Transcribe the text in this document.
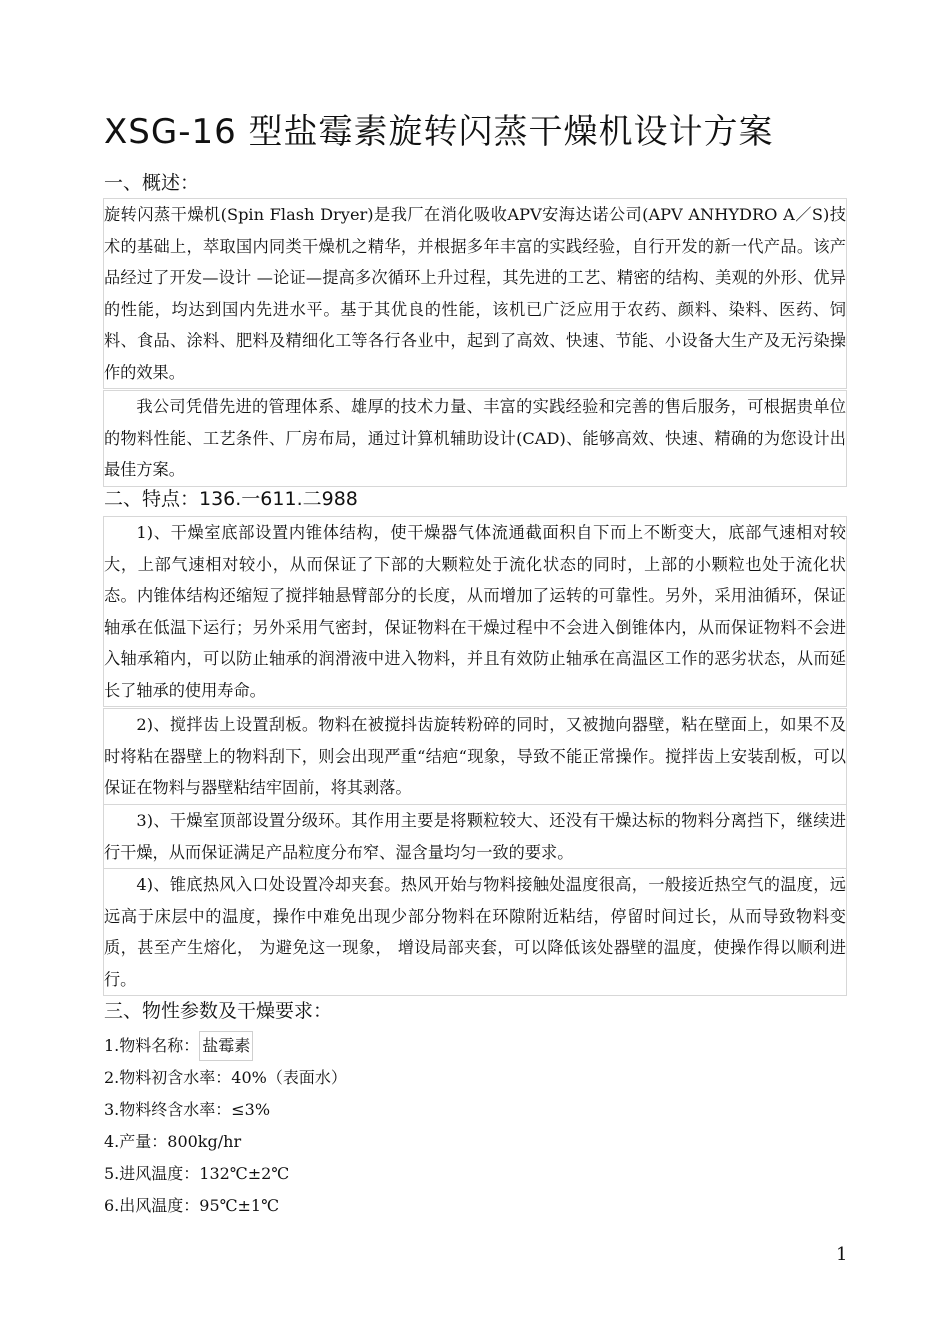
XSG-16 型盐霉素旋转闪蒸干燥机设计方案
一、概述：

旋转闪蒸干燥机(Spin Flash Dryer)是我厂在消化吸收APV安海达诺公司(APV ANHYDRO A／S)技术的基础上，萃取国内同类干燥机之精华，并根据多年丰富的实践经验，自行开发的新一代产品。该产品经过了开发—设计 —论证—提高多次循环上升过程，其先进的工艺、精密的结构、美观的外形、优异的性能，均达到国内先进水平。基于其优良的性能，该机已广泛应用于农药、颜料、染料、医药、饲料、食品、涂料、肥料及精细化工等各行各业中，起到了高效、快速、节能、小设备大生产及无污染操作的效果。

我公司凭借先进的管理体系、雄厚的技术力量、丰富的实践经验和完善的售后服务，可根据贵单位的物料性能、工艺条件、厂房布局，通过计算机辅助设计(CAD)、能够高效、快速、精确的为您设计出最佳方案。

二、特点：136.一611.二988

1)、干燥室底部设置内锥体结构，使干燥器气体流通截面积自下而上不断变大，底部气速相对较大，上部气速相对较小，从而保证了下部的大颗粒处于流化状态的同时，上部的小颗粒也处于流化状态。内锥体结构还缩短了搅拌轴悬臂部分的长度，从而增加了运转的可靠性。另外，采用油循环，保证轴承在低温下运行；另外采用气密封，保证物料在干燥过程中不会进入倒锥体内，从而保证物料不会进入轴承箱内，可以防止轴承的润滑液中进入物料，并且有效防止轴承在高温区工作的恶劣状态，从而延长了轴承的使用寿命。

2)、搅拌齿上设置刮板。物料在被搅抖齿旋转粉碎的同时，又被抛向器壁，粘在壁面上，如果不及时将粘在器壁上的物料刮下，则会出现严重“结疤“现象，导致不能正常操作。搅拌齿上安装刮板，可以保证在物料与器壁粘结牢固前，将其剥落。

3)、干燥室顶部设置分级环。其作用主要是将颗粒较大、还没有干燥达标的物料分离挡下，继续进行干燥，从而保证满足产品粒度分布窄、湿含量均匀一致的要求。

4)、锥底热风入口处设置冷却夹套。热风开始与物料接触处温度很高，一般接近热空气的温度，远远高于床层中的温度，操作中难免出现少部分物料在环隙附近粘结，停留时间过长，从而导致物料变质，甚至产生熔化， 为避免这一现象， 增设局部夹套，可以降低该处器壁的温度，使操作得以顺利进行。

三、物性参数及干燥要求：
1.物料名称： 盐霉素
2.物料初含水率：40%（表面水）
3.物料终含水率：≤3%
4.产量：800kg/hr
5.进风温度：132℃±2℃
6.出风温度：95℃±1℃
1
